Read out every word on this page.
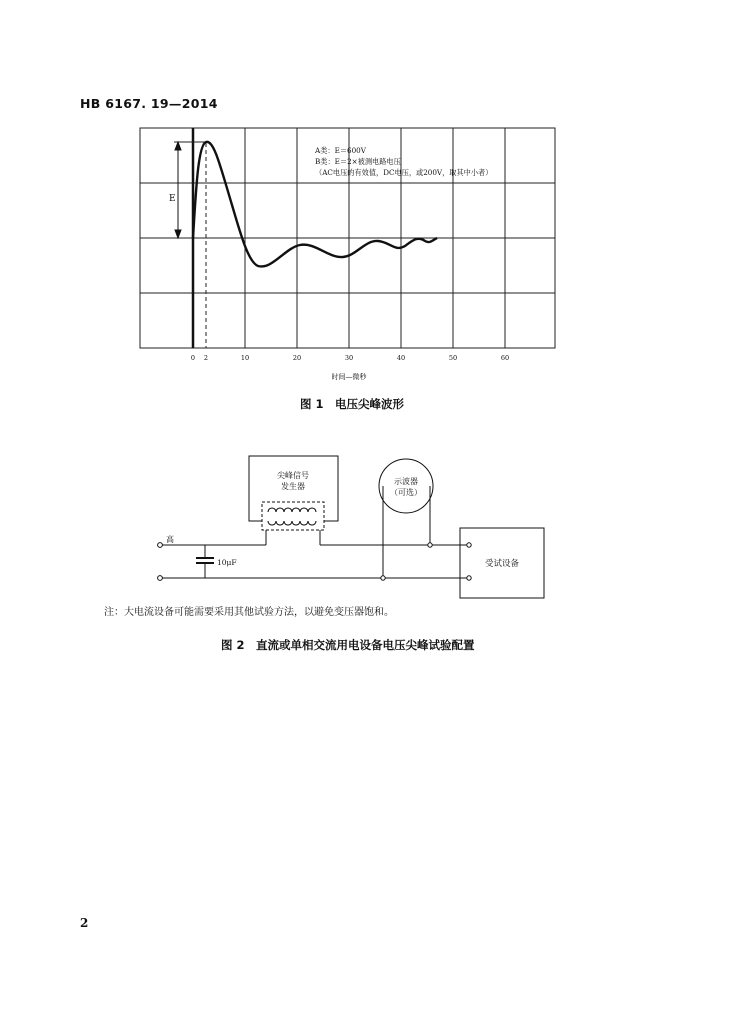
HB 6167. 19—2014
E
A类：E＝600V
B类：E＝2×被测电路电压
（AC电压的有效值，DC电压，或200V，取其中小者）
0 2	10	20	30	40	50	60
时间—微秒
图 1　电压尖峰波形
尖峰信号
发生器
示波器
（可选）
受试设备
10μF
高
注：大电流设备可能需要采用其他试验方法，以避免变压器饱和。
图 2　直流或单相交流用电设备电压尖峰试验配置
2
